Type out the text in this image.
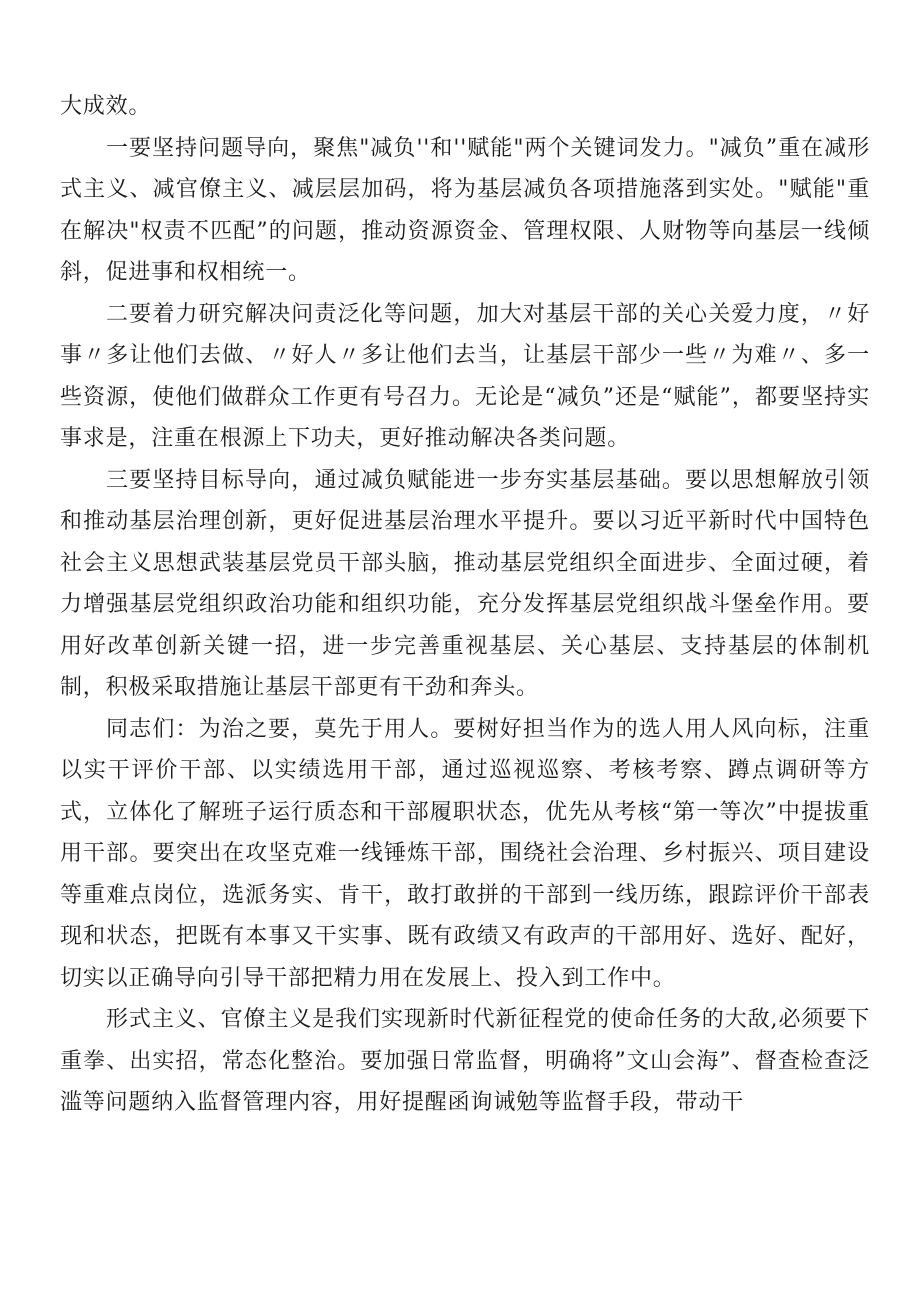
大成效。

一要坚持问题导向，聚焦"减负''和''赋能"两个关键词发力。"减负”重在减形式主义、减官僚主义、减层层加码，将为基层减负各项措施落到实处。"赋能"重在解决"权责不匹配”的问题，推动资源资金、管理权限、人财物等向基层一线倾斜，促进事和权相统一。

二要着力研究解决问责泛化等问题，加大对基层干部的关心关爱力度，〃好事〃多让他们去做、〃好人〃多让他们去当，让基层干部少一些〃为难〃、多一些资源，使他们做群众工作更有号召力。无论是“减负”还是“赋能”，都要坚持实事求是，注重在根源上下功夫，更好推动解决各类问题。

三要坚持目标导向，通过减负赋能进一步夯实基层基础。要以思想解放引领和推动基层治理创新，更好促进基层治理水平提升。要以习近平新时代中国特色社会主义思想武装基层党员干部头脑，推动基层党组织全面进步、全面过硬，着力增强基层党组织政治功能和组织功能，充分发挥基层党组织战斗堡垒作用。要用好改革创新关键一招，进一步完善重视基层、关心基层、支持基层的体制机制，积极采取措施让基层干部更有干劲和奔头。

同志们：为治之要，莫先于用人。要树好担当作为的选人用人风向标，注重以实干评价干部、以实绩选用干部，通过巡视巡察、考核考察、蹲点调研等方式，立体化了解班子运行质态和干部履职状态，优先从考核“第一等次”中提拔重用干部。要突出在攻坚克难一线锤炼干部，围绕社会治理、乡村振兴、项目建设等重难点岗位，选派务实、肯干，敢打敢拼的干部到一线历练，跟踪评价干部表现和状态，把既有本事又干实事、既有政绩又有政声的干部用好、选好、配好，切实以正确导向引导干部把精力用在发展上、投入到工作中。

形式主义、官僚主义是我们实现新时代新征程党的使命任务的大敌,必须要下重拳、出实招，常态化整治。要加强日常监督，明确将”文山会海”、督查检查泛滥等问题纳入监督管理内容，用好提醒函询诫勉等监督手段，带动干
